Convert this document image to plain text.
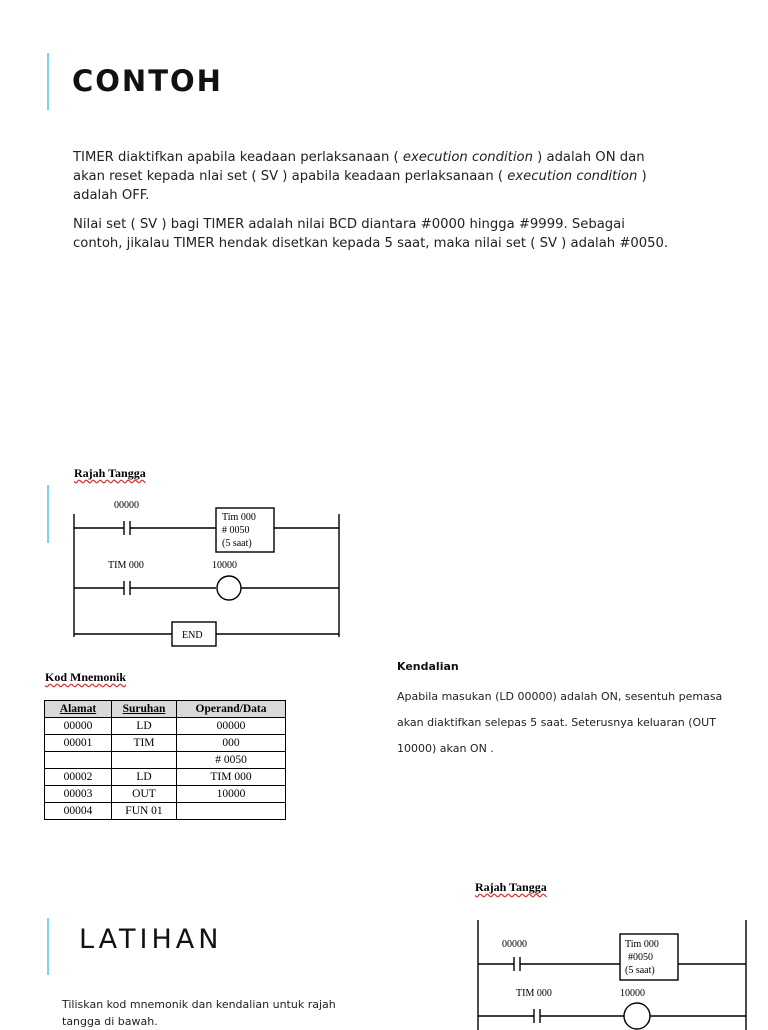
CONTOH

TIMER diaktifkan apabila keadaan perlaksanaan ( execution condition ) adalah ON dan akan reset kepada nlai set ( SV ) apabila keadaan perlaksanaan ( execution condition ) adalah OFF.

Nilai set ( SV ) bagi TIMER adalah nilai BCD diantara #0000 hingga #9999. Sebagai contoh, jikalau TIMER hendak disetkan kepada 5 saat, maka nilai set ( SV ) adalah #0050.

Rajah Tangga
00000
Tim 000
# 0050
(5 saat)
TIM 000	10000
END
Kod Mnemonik
Alamat	Suruhan	Operand/Data
00000	LD	00000
00001	TIM	000
		# 0050
00002	LD	TIM 000
00003	OUT	10000
00004	FUN 01	
Kendalian
Apabila masukan (LD 00000) adalah ON, sesentuh pemasa akan diaktifkan selepas 5 saat. Seterusnya keluaran (OUT 10000) akan ON .
Rajah Tangga
00000	Tim 000
#0050
(5 saat)
TIM 000	10000
LATIHAN
Tiliskan kod mnemonik dan kendalian untuk rajah tangga di bawah.
